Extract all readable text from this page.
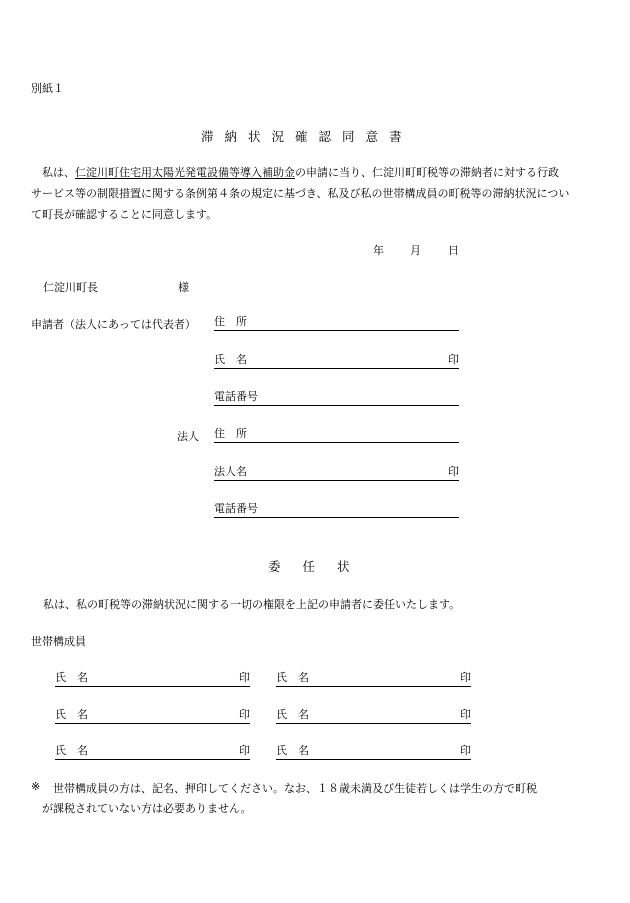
別紙１
滞納状況確認同意書
　私は、仁淀川町住宅用太陽光発電設備等導入補助金の申請に当り、仁淀川町町税等の滞納者に対する行政
サービス等の制限措置に関する条例第４条の規定に基づき、私及び私の世帯構成員の町税等の滞納状況につい
て町長が確認することに同意します。
年 月 日
仁淀川町長	様
申請者（法人にあっては代表者） 住　所
氏　名	印
電話番号
法人 住　所
法人名	印
電話番号
委任状
私は、私の町税等の滞納状況に関する一切の権限を上記の申請者に委任いたします。
世帯構成員
氏　名	印 氏　名	印
氏　名	印 氏　名	印
氏　名	印 氏　名	印
※ 世帯構成員の方は、記名、押印してください。なお、１８歳未満及び生徒若しくは学生の方で町税
が課税されていない方は必要ありません。
